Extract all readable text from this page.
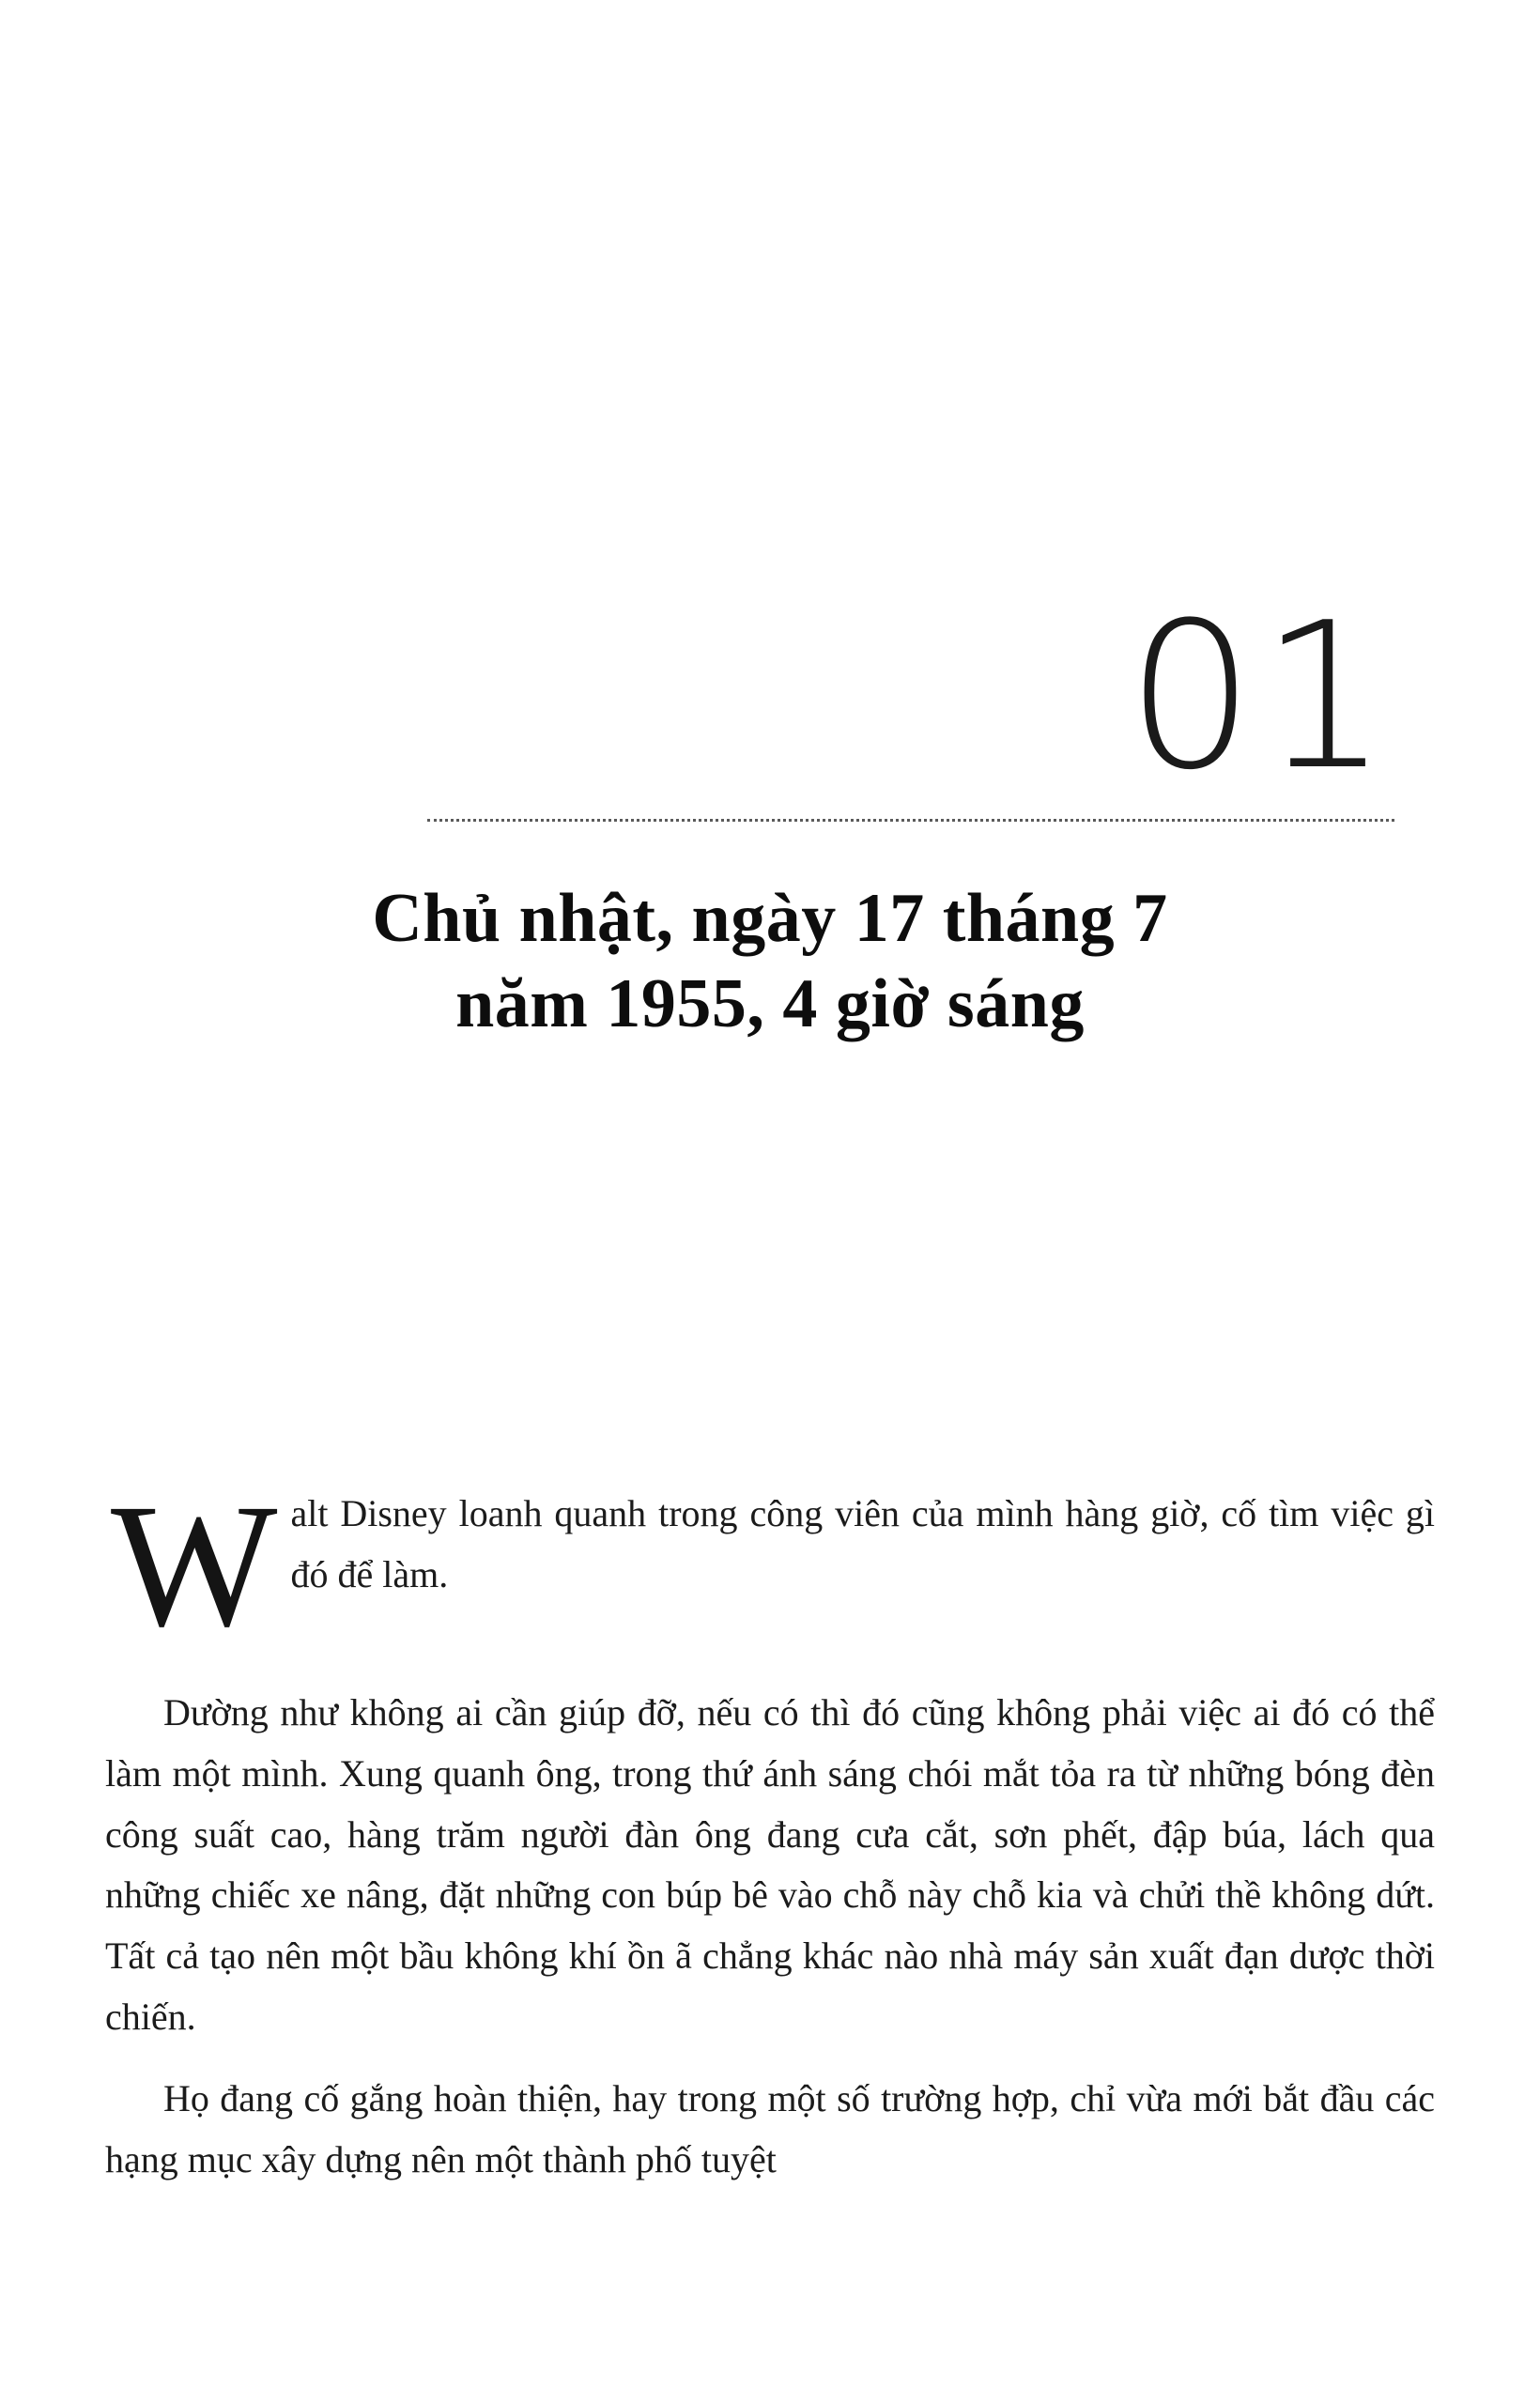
01
Chủ nhật, ngày 17 tháng 7
năm 1955, 4 giờ sáng

Walt Disney loanh quanh trong công viên của mình hàng giờ, cố tìm việc gì đó để làm.

Dường như không ai cần giúp đỡ, nếu có thì đó cũng không phải việc ai đó có thể làm một mình. Xung quanh ông, trong thứ ánh sáng chói mắt tỏa ra từ những bóng đèn công suất cao, hàng trăm người đàn ông đang cưa cắt, sơn phết, đập búa, lách qua những chiếc xe nâng, đặt những con búp bê vào chỗ này chỗ kia và chửi thề không dứt. Tất cả tạo nên một bầu không khí ồn ã chẳng khác nào nhà máy sản xuất đạn dược thời chiến.

Họ đang cố gắng hoàn thiện, hay trong một số trường hợp, chỉ vừa mới bắt đầu các hạng mục xây dựng nên một thành phố tuyệt
